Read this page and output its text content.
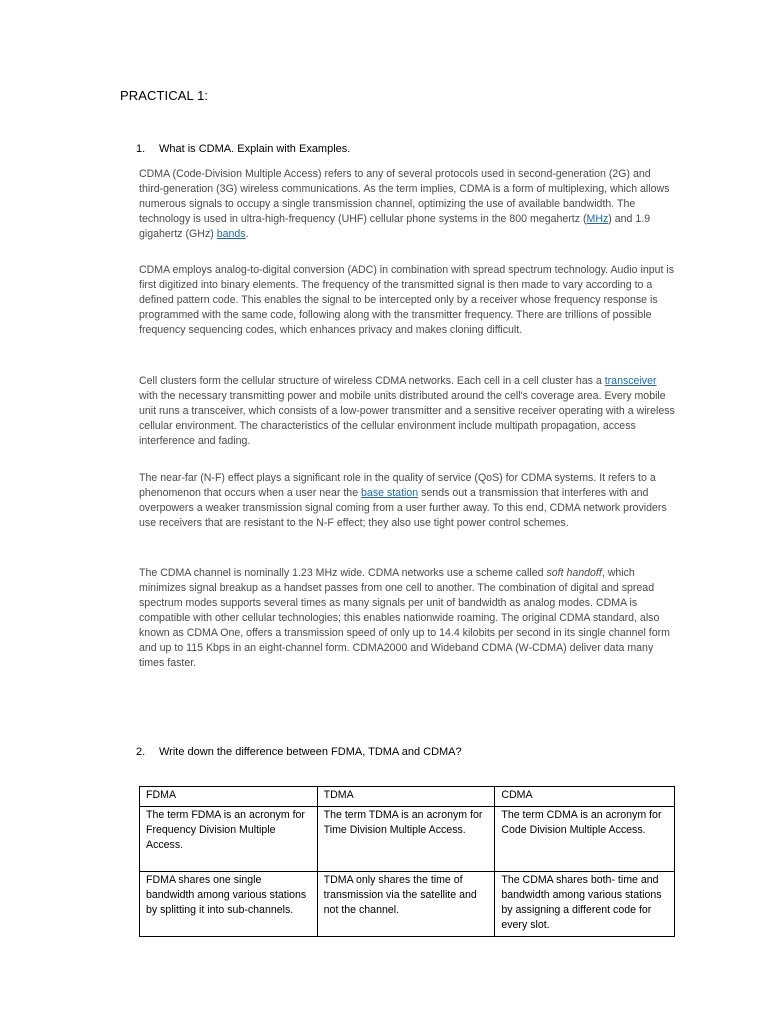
PRACTICAL 1:
1. What is CDMA. Explain with Examples.

CDMA (Code-Division Multiple Access) refers to any of several protocols used in second-generation (2G) and third-generation (3G) wireless communications. As the term implies, CDMA is a form of multiplexing, which allows numerous signals to occupy a single transmission channel, optimizing the use of available bandwidth. The technology is used in ultra-high-frequency (UHF) cellular phone systems in the 800 megahertz (MHz) and 1.9 gigahertz (GHz) bands.

CDMA employs analog-to-digital conversion (ADC) in combination with spread spectrum technology. Audio input is first digitized into binary elements. The frequency of the transmitted signal is then made to vary according to a defined pattern code. This enables the signal to be intercepted only by a receiver whose frequency response is programmed with the same code, following along with the transmitter frequency. There are trillions of possible frequency sequencing codes, which enhances privacy and makes cloning difficult.

Cell clusters form the cellular structure of wireless CDMA networks. Each cell in a cell cluster has a transceiver with the necessary transmitting power and mobile units distributed around the cell's coverage area. Every mobile unit runs a transceiver, which consists of a low-power transmitter and a sensitive receiver operating with a wireless cellular environment. The characteristics of the cellular environment include multipath propagation, access interference and fading.

The near-far (N-F) effect plays a significant role in the quality of service (QoS) for CDMA systems. It refers to a phenomenon that occurs when a user near the base station sends out a transmission that interferes with and overpowers a weaker transmission signal coming from a user further away. To this end, CDMA network providers use receivers that are resistant to the N-F effect; they also use tight power control schemes.

The CDMA channel is nominally 1.23 MHz wide. CDMA networks use a scheme called soft handoff, which minimizes signal breakup as a handset passes from one cell to another. The combination of digital and spread spectrum modes supports several times as many signals per unit of bandwidth as analog modes. CDMA is compatible with other cellular technologies; this enables nationwide roaming. The original CDMA standard, also known as CDMA One, offers a transmission speed of only up to 14.4 kilobits per second in its single channel form and up to 115 Kbps in an eight-channel form. CDMA2000 and Wideband CDMA (W-CDMA) deliver data many times faster.

2. Write down the difference between FDMA, TDMA and CDMA?
FDMA	TDMA	CDMA
The term FDMA is an acronym for Frequency Division Multiple Access.	The term TDMA is an acronym for Time Division Multiple Access.	The term CDMA is an acronym for Code Division Multiple Access.
FDMA shares one single bandwidth among various stations by splitting it into sub-channels.	TDMA only shares the time of transmission via the satellite and not the channel.	The CDMA shares both- time and bandwidth among various stations by assigning a different code for every slot.
